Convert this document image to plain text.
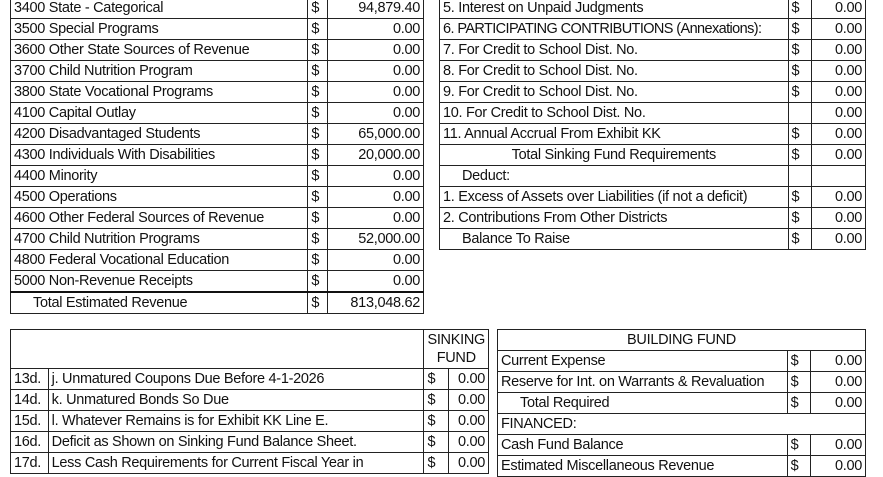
3400 State - Categorical	$	94,879.40
3500 Special Programs	$	0.00
3600 Other State Sources of Revenue	$	0.00
3700 Child Nutrition Program	$	0.00
3800 State Vocational Programs	$	0.00
4100 Capital Outlay	$	0.00
4200 Disadvantaged Students	$	65,000.00
4300 Individuals With Disabilities	$	20,000.00
4400 Minority	$	0.00
4500 Operations	$	0.00
4600 Other Federal Sources of Revenue	$	0.00
4700 Child Nutrition Programs	$	52,000.00
4800 Federal Vocational Education	$	0.00
5000 Non-Revenue Receipts	$	0.00
Total Estimated Revenue	$	813,048.62
5. Interest on Unpaid Judgments	$	0.00
6. PARTICIPATING CONTRIBUTIONS (Annexations):	$	0.00
7. For Credit to School Dist. No.	$	0.00
8. For Credit to School Dist. No.	$	0.00
9. For Credit to School Dist. No.	$	0.00
10. For Credit to School Dist. No.		0.00
11. Annual Accrual From Exhibit KK	$	0.00
Total Sinking Fund Requirements	$	0.00
Deduct:		
1. Excess of Assets over Liabilities (if not a deficit)	$	0.00
2. Contributions From Other Districts	$	0.00
Balance To Raise	$	0.00

		SINKING
FUND	

13d.	j. Unmatured Coupons Due Before 4-1-2026	$	0.00
14d.	k. Unmatured Bonds So Due	$	0.00
15d.	l. Whatever Remains is for Exhibit KK Line E.	$	0.00
16d.	Deficit as Shown on Sinking Fund Balance Sheet.	$	0.00
17d.	Less Cash Requirements for Current Fiscal Year in	$	0.00
BUILDING FUND		
Current Expense	$	0.00
Reserve for Int. on Warrants & Revaluation	$	0.00
Total Required	$	0.00
FINANCED:		
Cash Fund Balance	$	0.00
Estimated Miscellaneous Revenue	$	0.00
